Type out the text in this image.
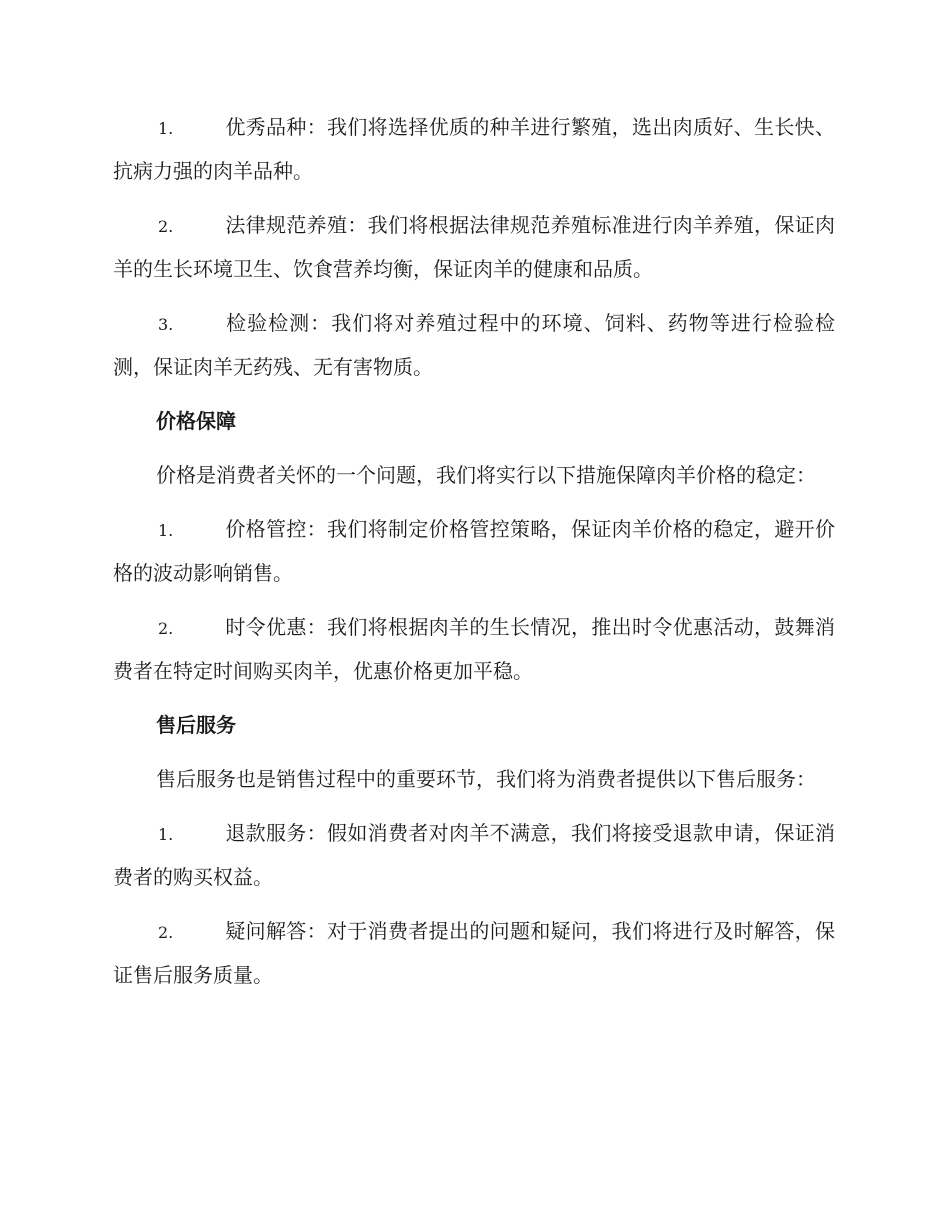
1.	优秀品种：我们将选择优质的种羊进行繁殖，选出肉质好、生长快、抗病力强的肉羊品种。

2.	法律规范养殖：我们将根据法律规范养殖标准进行肉羊养殖，保证肉羊的生长环境卫生、饮食营养均衡，保证肉羊的健康和品质。

3.	检验检测：我们将对养殖过程中的环境、饲料、药物等进行检验检测，保证肉羊无药残、无有害物质。

价格保障

价格是消费者关怀的一个问题，我们将实行以下措施保障肉羊价格的稳定：

1.	价格管控：我们将制定价格管控策略，保证肉羊价格的稳定，避开价格的波动影响销售。

2.	时令优惠：我们将根据肉羊的生长情况，推出时令优惠活动，鼓舞消费者在特定时间购买肉羊，优惠价格更加平稳。

售后服务

售后服务也是销售过程中的重要环节，我们将为消费者提供以下售后服务：

1.	退款服务：假如消费者对肉羊不满意，我们将接受退款申请，保证消费者的购买权益。

2.	疑问解答：对于消费者提出的问题和疑问，我们将进行及时解答，保证售后服务质量。
